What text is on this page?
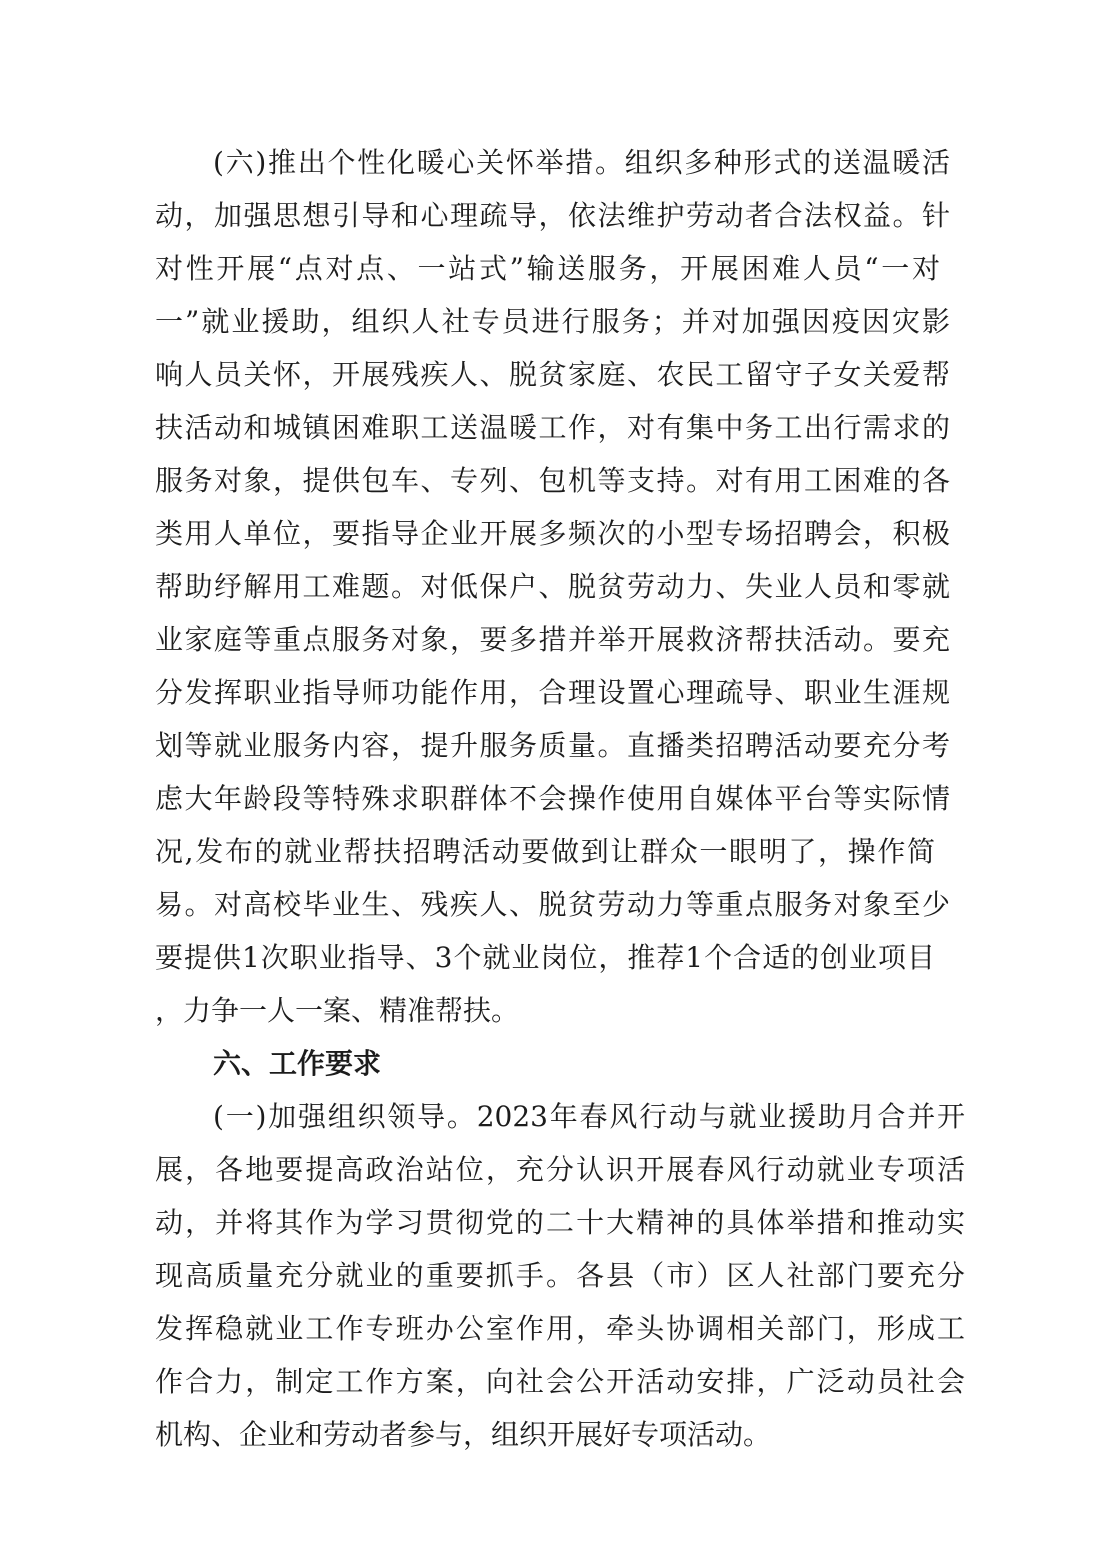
(六)推出个性化暖心关怀举措。组织多种形式的送温暖活
动，加强思想引导和心理疏导，依法维护劳动者合法权益。针
对性开展“点对点、一站式”输送服务，开展困难人员“一对
一”就业援助，组织人社专员进行服务；并对加强因疫因灾影
响人员关怀，开展残疾人、脱贫家庭、农民工留守子女关爱帮
扶活动和城镇困难职工送温暖工作，对有集中务工出行需求的
服务对象，提供包车、专列、包机等支持。对有用工困难的各
类用人单位，要指导企业开展多频次的小型专场招聘会，积极
帮助纾解用工难题。对低保户、脱贫劳动力、失业人员和零就
业家庭等重点服务对象，要多措并举开展救济帮扶活动。要充
分发挥职业指导师功能作用，合理设置心理疏导、职业生涯规
划等就业服务内容，提升服务质量。直播类招聘活动要充分考
虑大年龄段等特殊求职群体不会操作使用自媒体平台等实际情
况,发布的就业帮扶招聘活动要做到让群众一眼明了，操作简
易。对高校毕业生、残疾人、脱贫劳动力等重点服务对象至少
要提供1次职业指导、3个就业岗位，推荐1个合适的创业项目
，力争一人一案、精准帮扶。
六、工作要求
(一)加强组织领导。2023年春风行动与就业援助月合并开
展，各地要提高政治站位，充分认识开展春风行动就业专项活
动，并将其作为学习贯彻党的二十大精神的具体举措和推动实
现高质量充分就业的重要抓手。各县（市）区人社部门要充分
发挥稳就业工作专班办公室作用，牵头协调相关部门，形成工
作合力，制定工作方案，向社会公开活动安排，广泛动员社会
机构、企业和劳动者参与，组织开展好专项活动。
